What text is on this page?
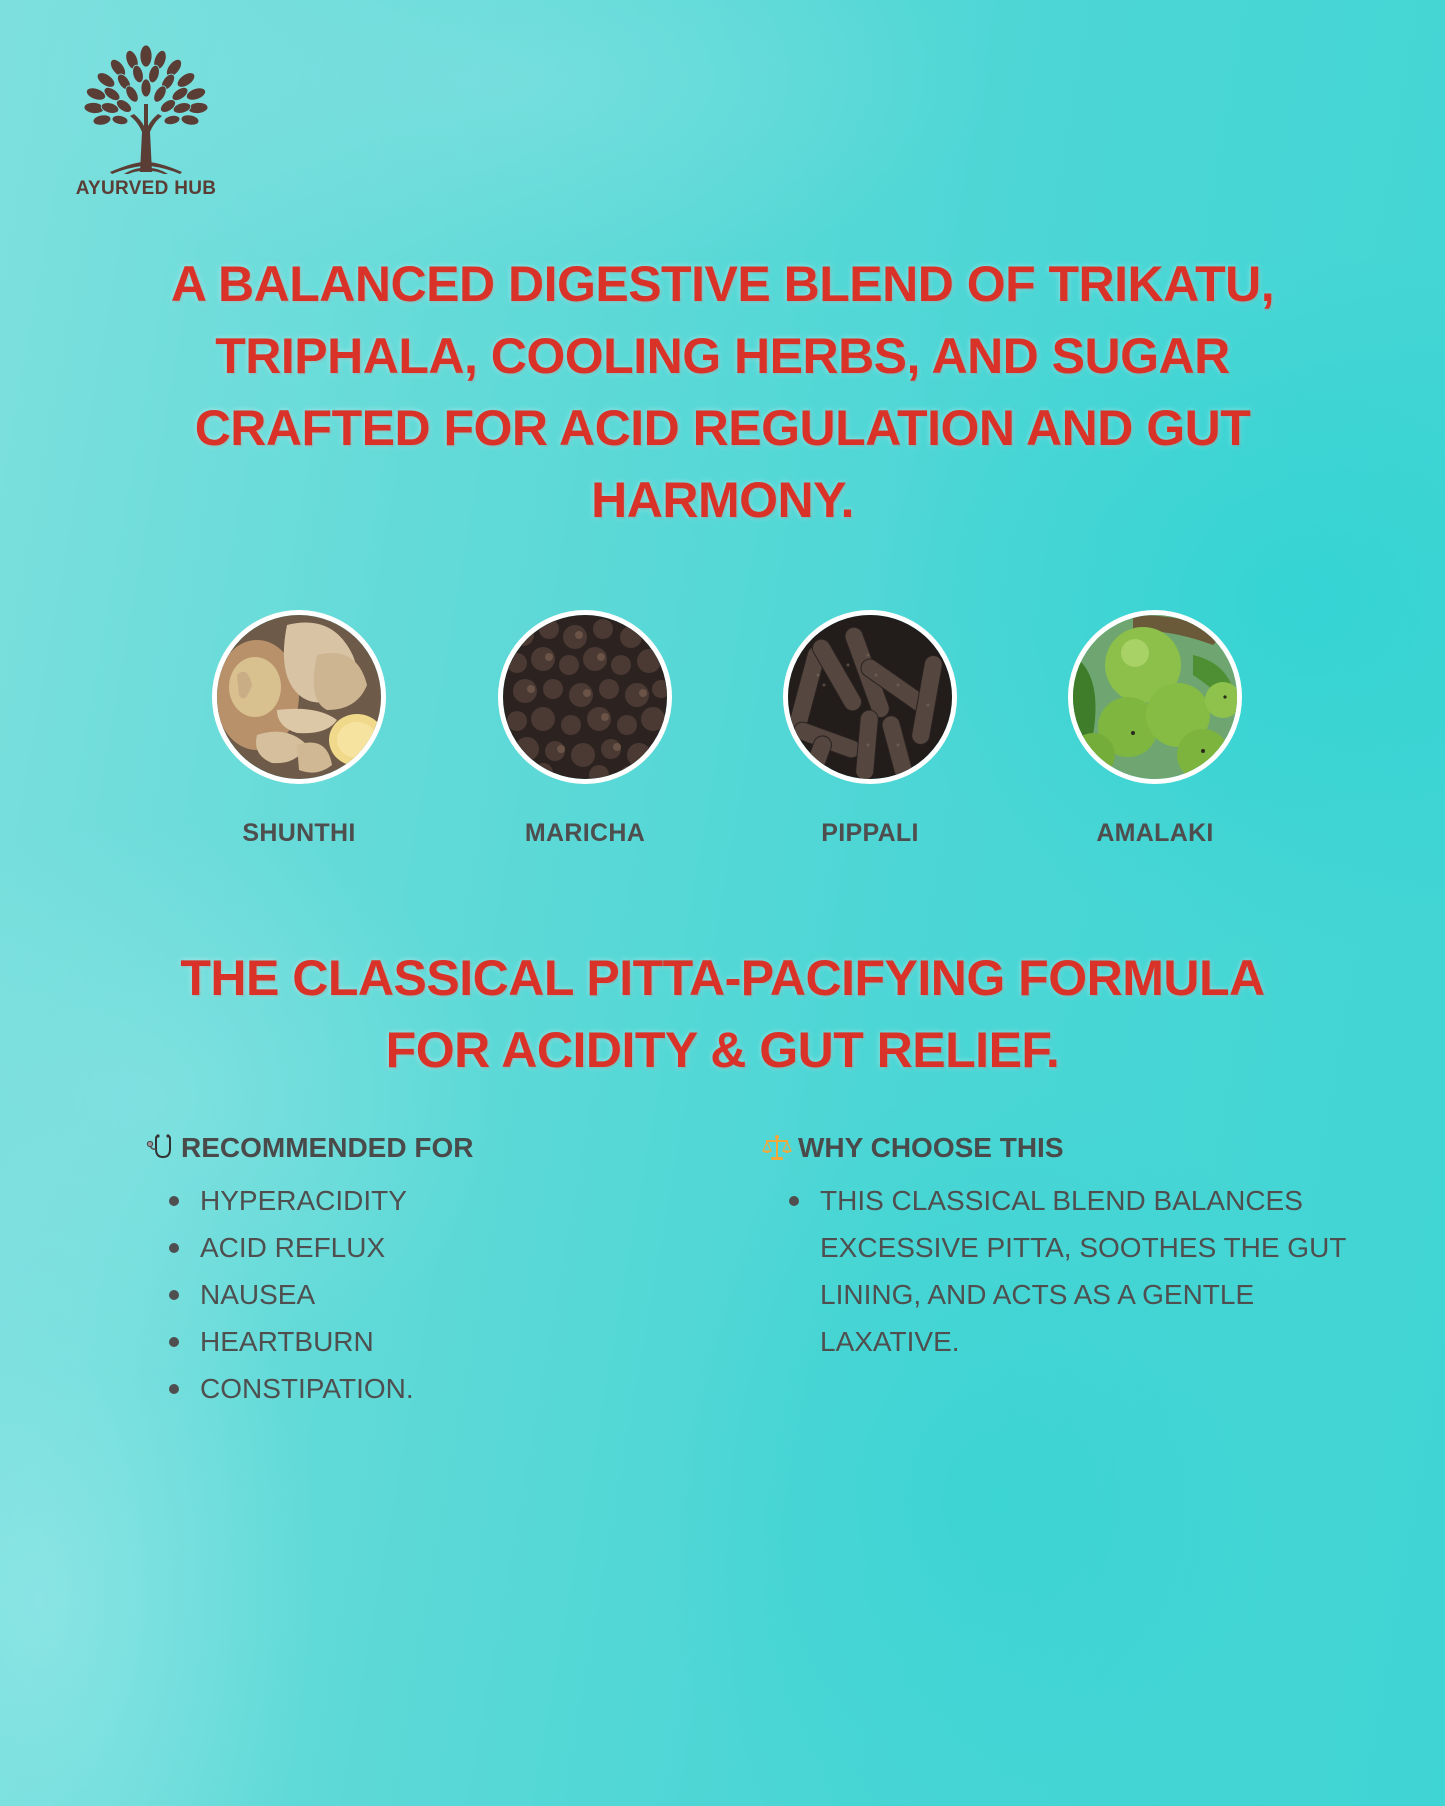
AYURVED HUB
A BALANCED DIGESTIVE BLEND OF TRIKATU,
TRIPHALA, COOLING HERBS, AND SUGAR
CRAFTED FOR ACID REGULATION AND GUT
HARMONY.
SHUNTHI	MARICHA	PIPPALI	AMALAKI
THE CLASSICAL PITTA-PACIFYING FORMULA
FOR ACIDITY & GUT RELIEF.
RECOMMENDED FOR
HYPERACIDITY
ACID REFLUX
NAUSEA
HEARTBURN
CONSTIPATION.
WHY CHOOSE THIS
THIS CLASSICAL BLEND BALANCES EXCESSIVE PITTA, SOOTHES THE GUT LINING, AND ACTS AS A GENTLE LAXATIVE.
